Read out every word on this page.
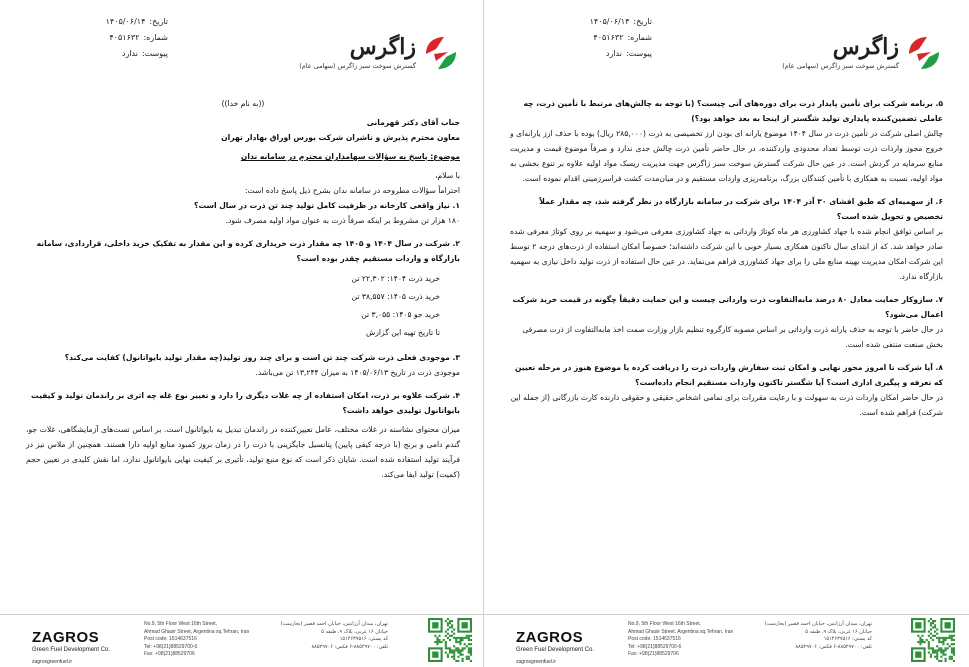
تاریخ:۱۴۰۵/۰۶/۱۴
شماره:۴۰۵۱۶۳۲
پیوست:ندارد	زاگرس
گسترش سوخت سبز زاگرس (سهامی عام)

((به نام خدا))

جناب آقای دکتر قهرمانی

معاون محترم پذیرش و ناشران شرکت بورس اوراق بهادار تهران

موضوع: پاسخ به سؤالات سهامداران محترم در سامانه ندان

با سلام،

احتراماً سؤالات مطروحه در سامانه ندان بشرح ذیل پاسخ داده است:

۱. نیاز واقعی کارخانه در ظرفیت کامل تولید چند تن ذرت در سال است؟

۱۸۰ هزار تن مشروط بر اینکه صرفاً ذرت به عنوان مواد اولیه مصرف شود.

۲. شرکت در سال ۱۴۰۴ و ۱۴۰۵ چه مقدار ذرت خریداری کرده و این مقدار به تفکیک خرید داخلی، قراردادی، سامانه بازارگاه و واردات مستقیم چقدر بوده است؟

خرید ذرت ۱۴۰۴: ۲۲,۳۰۲ تن

خرید ذرت ۱۴۰۵: ۳۸,۵۵۷ تن

خرید جو ۱۴۰۵: ۳,۰۵۵ تن

تا تاریخ تهیه این گزارش

۳. موجودی فعلی ذرت شرکت چند تن است و برای چند روز تولید(چه مقدار تولید بایواتانول) کفایت می‌کند؟

موجودی ذرت در تاریخ ۱۴۰۵/۰۶/۱۳ به میزان ۱۳,۲۴۴ تن می‌باشد.

۴. شرکت علاوه بر ذرت، امکان استفاده از چه غلات دیگری را دارد و تغییر نوع غله چه اثری بر راندمان تولید و کیفیت بایواتانول تولیدی خواهد داشت؟

میزان محتوای نشاسته در غلات مختلف، عامل تعیین‌کننده در راندمان تبدیل به بایواتانول است. بر اساس تست‌های آزمایشگاهی، غلات جو، گندم دامی و برنج (با درجه کیفی پایین) پتانسیل جایگزینی با ذرت را در زمان بروز کمبود منابع اولیه دارا هستند. همچنین از ملاس نیز در فرآیند تولید استفاده شده است. شایان ذکر است که نوع منبع تولید، تأثیری بر کیفیت نهایی بایواتانول ندارد، اما نقش کلیدی در تعیین حجم (کمیت) تولید ایفا می‌کند.

ZAGROS
Green Fuel Development Co.
zagrosgreenfuel.ir
No.9, 5th Floor West 16th Street,
Ahmad Ghasir Street, Argentina sq.Tehran, Iran
Post code: 1514637516
Tel: +98(21)88529700-6
Fax: +98(21)88529706
تهران، میدان آرژانتین، خیابان احمد قصیر (بخارست)
خیابان ۱۶ غربی، پلاک ۹، طبقه ۵
کد پستی: ۱۵۱۴۶۳۷۵۱۶
تلفن: ۸۸۵۲۹۷۰۰-۶ فکس: ۸۸۵۲۹۷۰۶
تاریخ:۱۴۰۵/۰۶/۱۴
شماره:۴۰۵۱۶۳۲
پیوست:ندارد	زاگرس
گسترش سوخت سبز زاگرس (سهامی عام)

۵. برنامه شرکت برای تأمین پایدار ذرت برای دوره‌های آتی چیست؟ (با توجه به چالش‌های مرتبط با تأمین ذرت، چه عاملی تضمین‌کننده پایداری تولید شگستر از اینجا به بعد خواهد بود؟)

چالش اصلی شرکت در تأمین ذرت در سال ۱۴۰۴ موضوع یارانه ای بودن ارز تخصیصی به ذرت (۲۸۵,۰۰۰ ریال) بوده با حذف ارز یارانه‌ای و خروج مجوز واردات ذرت توسط تعداد محدودی واردکننده، در حال حاضر تأمین ذرت چالش جدی ندارد و صرفاً موضوع قیمت و مدیریت منابع سرمایه در گردش است. در عین حال شرکت گسترش سوخت سبز زاگرس جهت مدیریت ریسک مواد اولیه علاوه بر تنوع بخشی به مواد اولیه، نسبت به همکاری با تأمین کنندگان بزرگ، برنامه‌ریزی واردات مستقیم و در میان‌مدت کشت فراسرزمینی اقدام نموده است.

۶. از سهمیه‌ای که طبق افشای ۳۰ آذر ۱۴۰۴ برای شرکت در سامانه بازارگاه در نظر گرفته شد، چه مقدار عملاً تخصیص و تحویل شده است؟

بر اساس توافق انجام شده با جهاد کشاورزی هر ماه کوتاژ وارداتی به جهاد کشاورزی معرفی می‌شود و سهمیه بر روی کوتاژ معرفی شده صادر خواهد شد. که از ابتدای سال تاکنون همکاری بسیار خوبی با این شرکت داشته‌اند؛ خصوصاً امکان استفاده از ذرت‌های درجه ۲ توسط این شرکت امکان مدیریت بهینه منابع ملی را برای جهاد کشاورزی فراهم می‌نماید. در عین حال استفاده از ذرت تولید داخل نیازی به سهمیه بازارگاه ندارد.

۷. سازوکار حمایت معادل ۸۰ درصد مابه‌التفاوت ذرت وارداتی چیست و این حمایت دقیقاً چگونه در قیمت خرید شرکت اعمال می‌شود؟

در حال حاضر با توجه به حذف یارانه ذرت وارداتی بر اساس مصوبه کارگروه تنظیم بازار وزارت صمت اخذ مابه‌التفاوت از ذرت مصرفی بخش صنعت منتفی شده است.

۸. آیا شرکت تا امروز مجوز نهایی و امکان ثبت سفارش واردات ذرت را دریافت کرده یا موضوع هنوز در مرحله تعیین که تعرفه و پیگیری اداری است؟ آیا شگستر تاکنون واردات مستقیم انجام داده‌است؟

در حال حاضر امکان واردات ذرت به سهولت و با رعایت مقررات برای تمامی اشخاص حقیقی و حقوقی دارنده کارت بازرگانی (از جمله این شرکت) فراهم شده است.

ZAGROS
Green Fuel Development Co.
zagrosgreenfuel.ir
No.9, 5th Floor West 16th Street,
Ahmad Ghasir Street, Argentina sq.Tehran, Iran
Post code: 1514637516
Tel: +98(21)88529700-6
Fax: +98(21)88529706
تهران، میدان آرژانتین، خیابان احمد قصیر (بخارست)
خیابان ۱۶ غربی، پلاک ۹، طبقه ۵
کد پستی: ۱۵۱۴۶۳۷۵۱۶
تلفن: ۸۸۵۲۹۷۰۰-۶ فکس: ۸۸۵۲۹۷۰۶
